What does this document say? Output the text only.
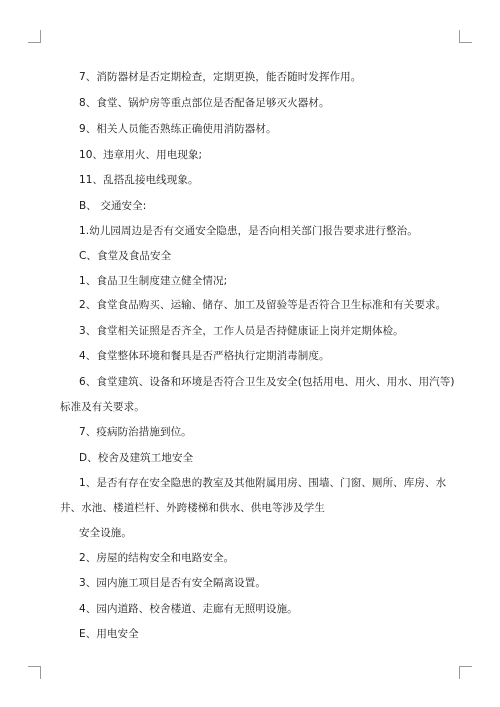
7、消防器材是否定期检查，定期更换，能否随时发挥作用。
8、食堂、锅炉房等重点部位是否配备足够灭火器材。
9、相关人员能否熟练正确使用消防器材。
10、违章用火、用电现象;
11、乱搭乱接电线现象。
B、 交通安全:
1.幼儿园周边是否有交通安全隐患，是否向相关部门报告要求进行整治。
C、食堂及食品安全
1、食品卫生制度建立健全情况;
2、食堂食品购买、运输、储存、加工及留验等是否符合卫生标准和有关要求。
3、食堂相关证照是否齐全，工作人员是否持健康证上岗并定期体检。
4、食堂整体环境和餐具是否严格执行定期消毒制度。
6、食堂建筑、设备和环境是否符合卫生及安全(包括用电、用火、用水、用汽等)
标准及有关要求。
7、疫病防治措施到位。
D、校舍及建筑工地安全
1、是否有存在安全隐患的教室及其他附属用房、围墙、门窗、厕所、库房、水
井、水池、楼道栏杆、外跨楼梯和供水、供电等涉及学生
安全设施。
2、房屋的结构安全和电路安全。
3、园内施工项目是否有安全隔离设置。
4、园内道路、校舍楼道、走廊有无照明设施。
E、用电安全
